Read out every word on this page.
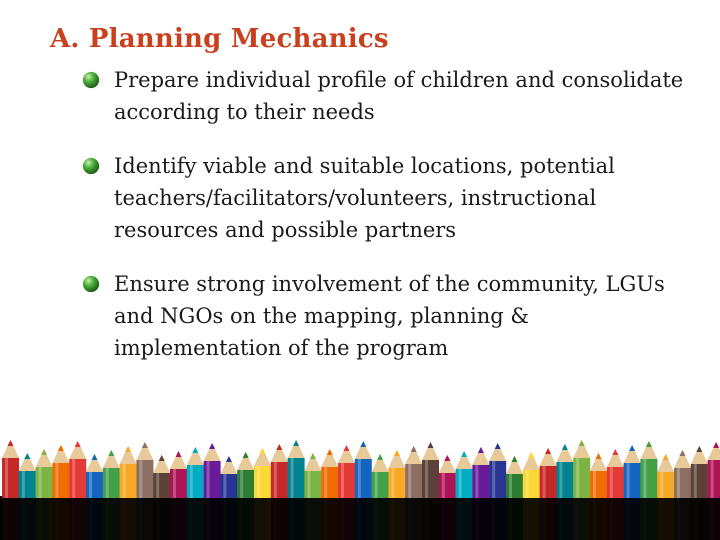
A. Planning Mechanics
Prepare individual profile of children and consolidate according to their needs
Identify viable and suitable locations, potential teachers/facilitators/volunteers, instructional resources and possible partners
Ensure strong involvement of the community, LGUs and NGOs on the mapping, planning & implementation of the program
